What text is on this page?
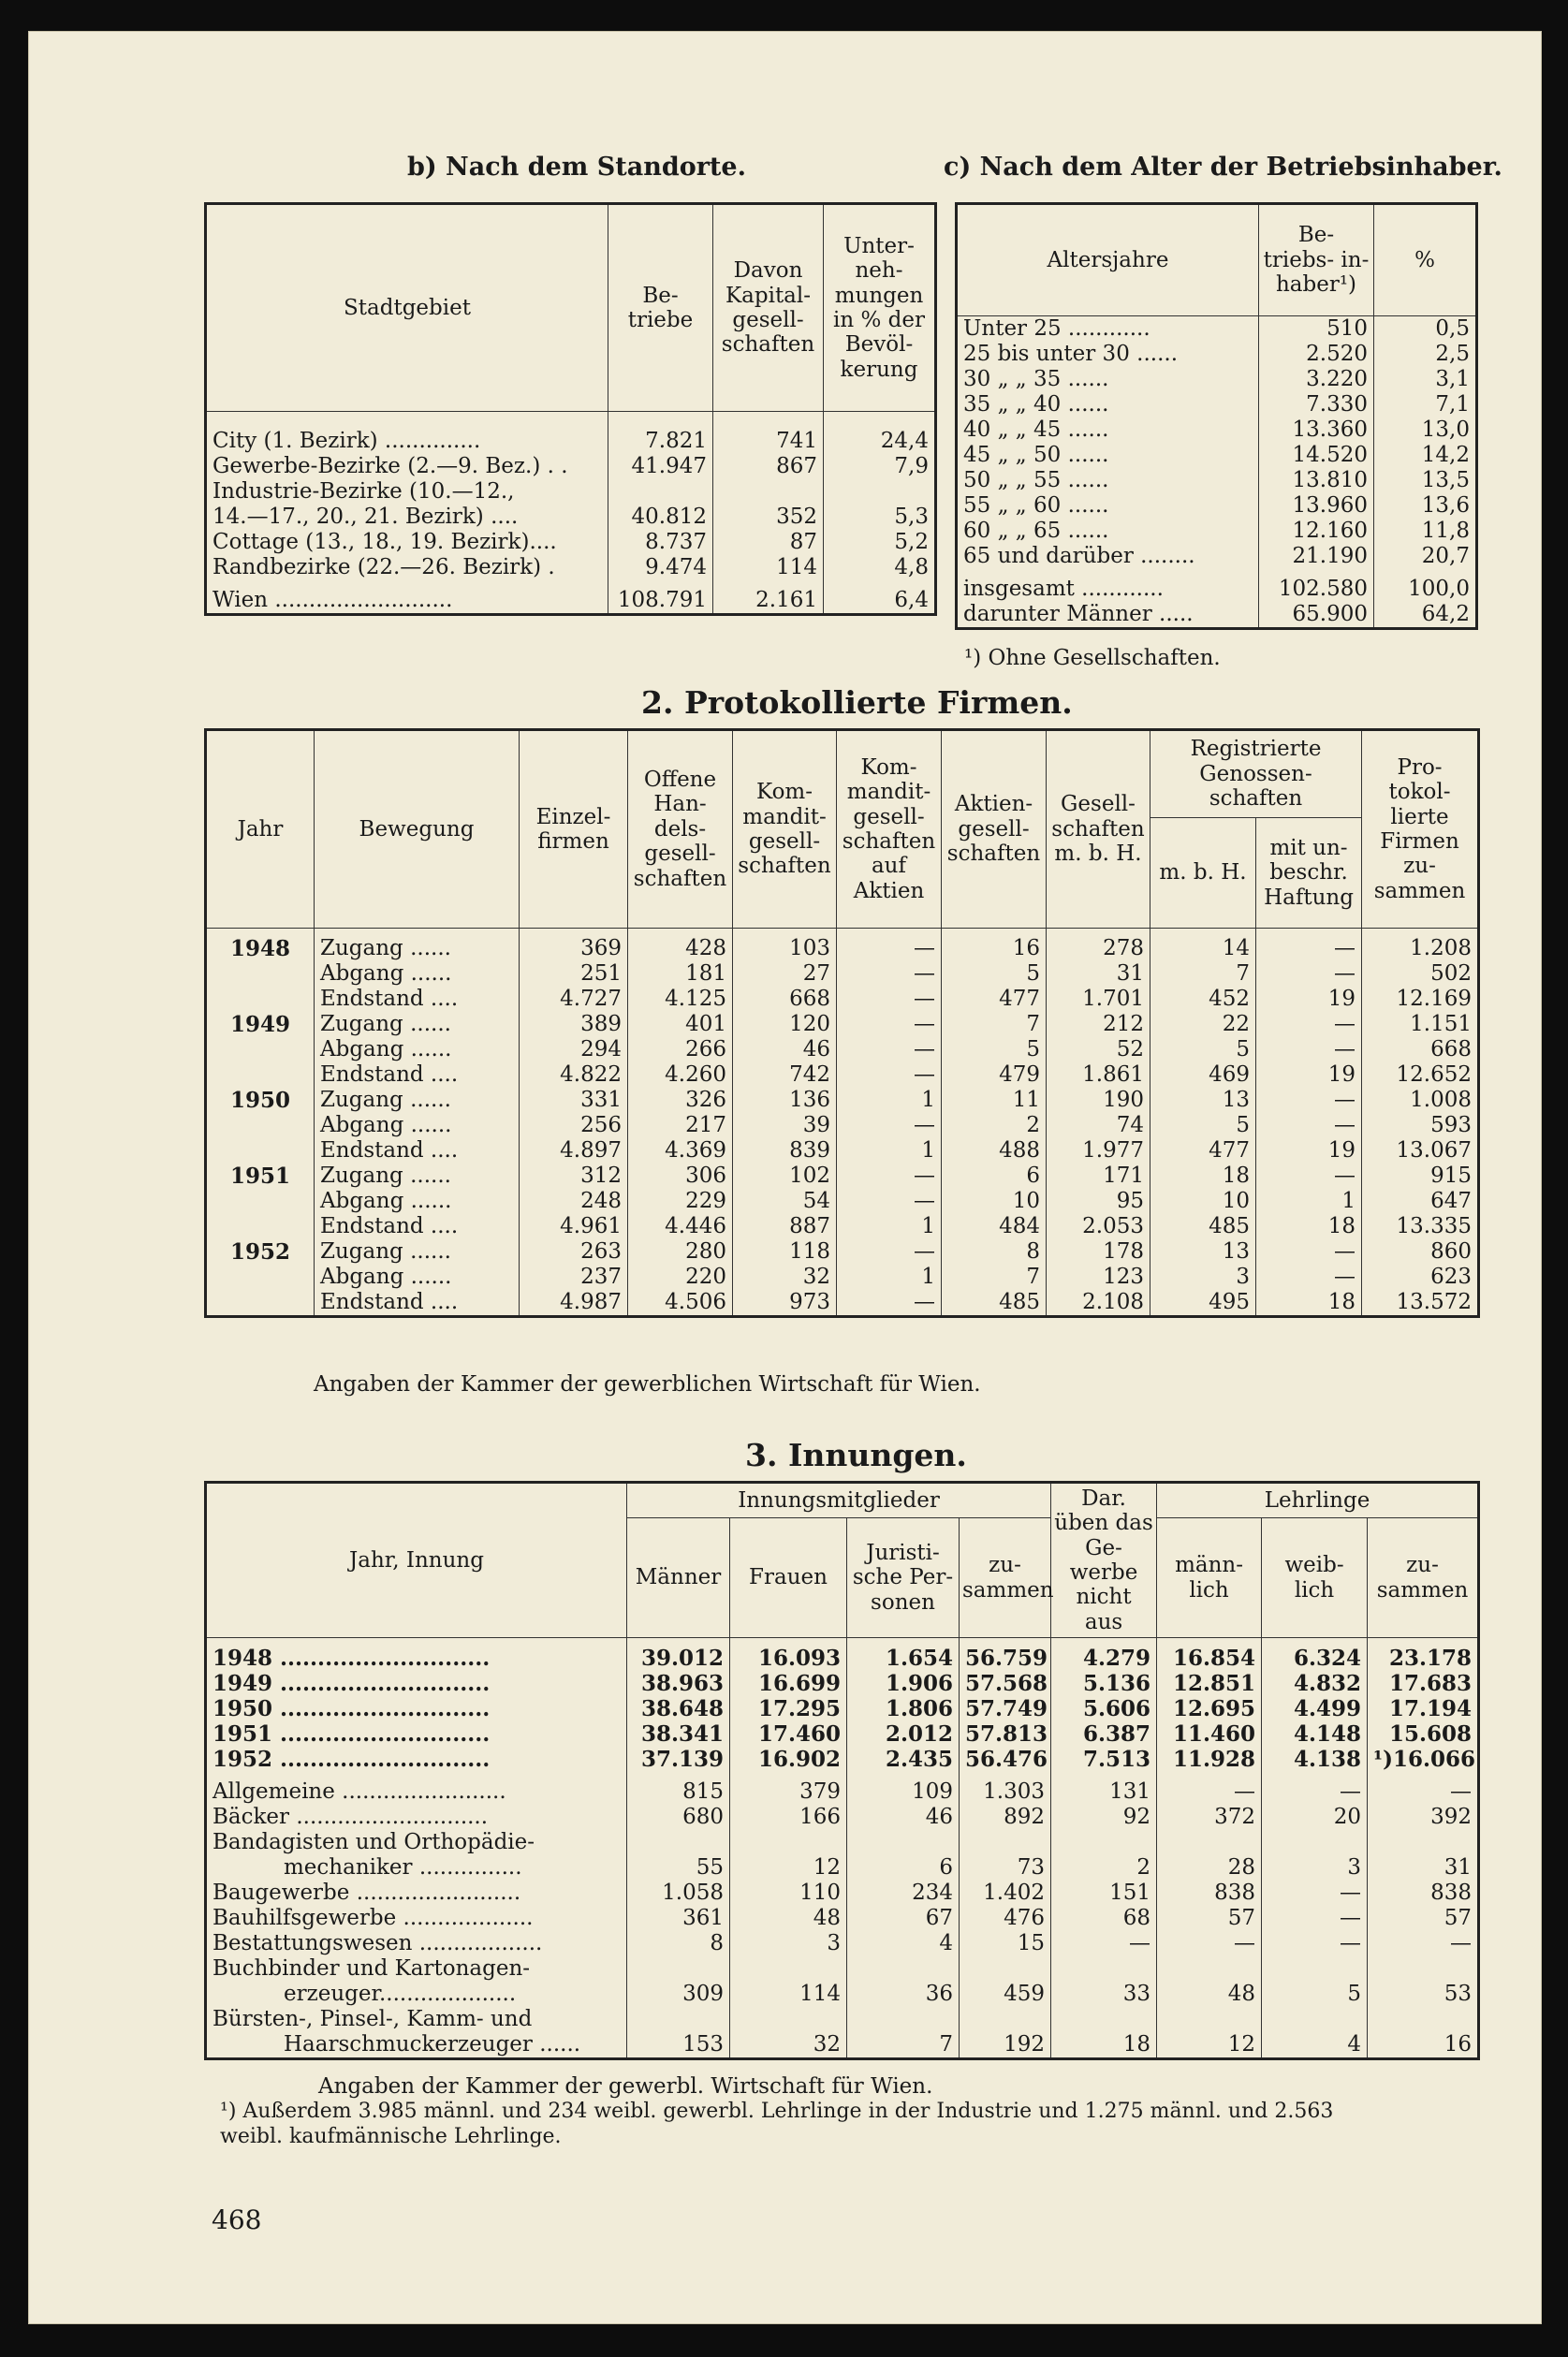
b) Nach dem Standorte.
Stadtgebiet	Be- triebe	Davon Kapital- gesell- schaften	Unter- neh- mungen in % der Bevöl- kerung

City (1. Bezirk) ..............	7.821	741	24,4
Gewerbe-Bezirke (2.—9. Bez.) . .	41.947	867	7,9
Industrie-Bezirke (10.—12.,			
14.—17., 20., 21. Bezirk) ....	40.812	352	5,3
Cottage (13., 18., 19. Bezirk)....	8.737	87	5,2
Randbezirke (22.—26. Bezirk) .	9.474	114	4,8

Wien ..........................	108.791	2.161	6,4
c) Nach dem Alter der Betriebsinhaber.
Altersjahre	Be- triebs- in- haber¹)	%
Unter 25 ............	510	0,5
25 bis unter 30 ......	2.520	2,5
30 „ „ 35 ......	3.220	3,1
35 „ „ 40 ......	7.330	7,1
40 „ „ 45 ......	13.360	13,0
45 „ „ 50 ......	14.520	14,2
50 „ „ 55 ......	13.810	13,5
55 „ „ 60 ......	13.960	13,6
60 „ „ 65 ......	12.160	11,8
65 und darüber ........	21.190	20,7

insgesamt ............	102.580	100,0
darunter Männer .....	65.900	64,2
¹) Ohne Gesellschaften.
2. Protokollierte Firmen.
Jahr	Bewegung	Einzel- firmen	Offene Han- dels- gesell- schaften	Kom- mandit- gesell- schaften	Kom- mandit- gesell- schaften auf Aktien	Aktien- gesell- schaften	Gesell- schaften m. b. H.	Registrierte Genossen- schaften		Pro- tokol- lierte Firmen zu- sammen
								m. b. H.	mit un- beschr. Haftung	

1948	Zugang ......	369	428	103	—	16	278	14	—	1.208
	Abgang ......	251	181	27	—	5	31	7	—	502
	Endstand ....	4.727	4.125	668	—	477	1.701	452	19	12.169
1949	Zugang ......	389	401	120	—	7	212	22	—	1.151
	Abgang ......	294	266	46	—	5	52	5	—	668
	Endstand ....	4.822	4.260	742	—	479	1.861	469	19	12.652
1950	Zugang ......	331	326	136	1	11	190	13	—	1.008
	Abgang ......	256	217	39	—	2	74	5	—	593
	Endstand ....	4.897	4.369	839	1	488	1.977	477	19	13.067
1951	Zugang ......	312	306	102	—	6	171	18	—	915
	Abgang ......	248	229	54	—	10	95	10	1	647
	Endstand ....	4.961	4.446	887	1	484	2.053	485	18	13.335
1952	Zugang ......	263	280	118	—	8	178	13	—	860
	Abgang ......	237	220	32	1	7	123	3	—	623
	Endstand ....	4.987	4.506	973	—	485	2.108	495	18	13.572
Angaben der Kammer der gewerblichen Wirtschaft für Wien.
3. Innungen.
Jahr, Innung	Innungsmitglieder				Dar. üben das Ge- werbe nicht aus	Lehrlinge		
	Männer	Frauen	Juristi- sche Per- sonen	zu- sammen		männ- lich	weib- lich	zu- sammen

1948 ............................	39.012	16.093	1.654	56.759	4.279	16.854	6.324	23.178
1949 ............................	38.963	16.699	1.906	57.568	5.136	12.851	4.832	17.683
1950 ............................	38.648	17.295	1.806	57.749	5.606	12.695	4.499	17.194
1951 ............................	38.341	17.460	2.012	57.813	6.387	11.460	4.148	15.608
1952 ............................	37.139	16.902	2.435	56.476	7.513	11.928	4.138	¹)16.066

Allgemeine ........................	815	379	109	1.303	131	—	—	—
Bäcker ............................	680	166	46	892	92	372	20	392
Bandagisten und Orthopädie-								
mechaniker ...............	55	12	6	73	2	28	3	31
Baugewerbe ........................	1.058	110	234	1.402	151	838	—	838
Bauhilfsgewerbe ...................	361	48	67	476	68	57	—	57
Bestattungswesen ..................	8	3	4	15	—	—	—	—
Buchbinder und Kartonagen-								
erzeuger....................	309	114	36	459	33	48	5	53
Bürsten-, Pinsel-, Kamm- und								
Haarschmuckerzeuger ......	153	32	7	192	18	12	4	16
Angaben der Kammer der gewerbl. Wirtschaft für Wien.
¹) Außerdem 3.985 männl. und 234 weibl. gewerbl. Lehrlinge in der Industrie und 1.275 männl. und 2.563
weibl. kaufmännische Lehrlinge.
468
